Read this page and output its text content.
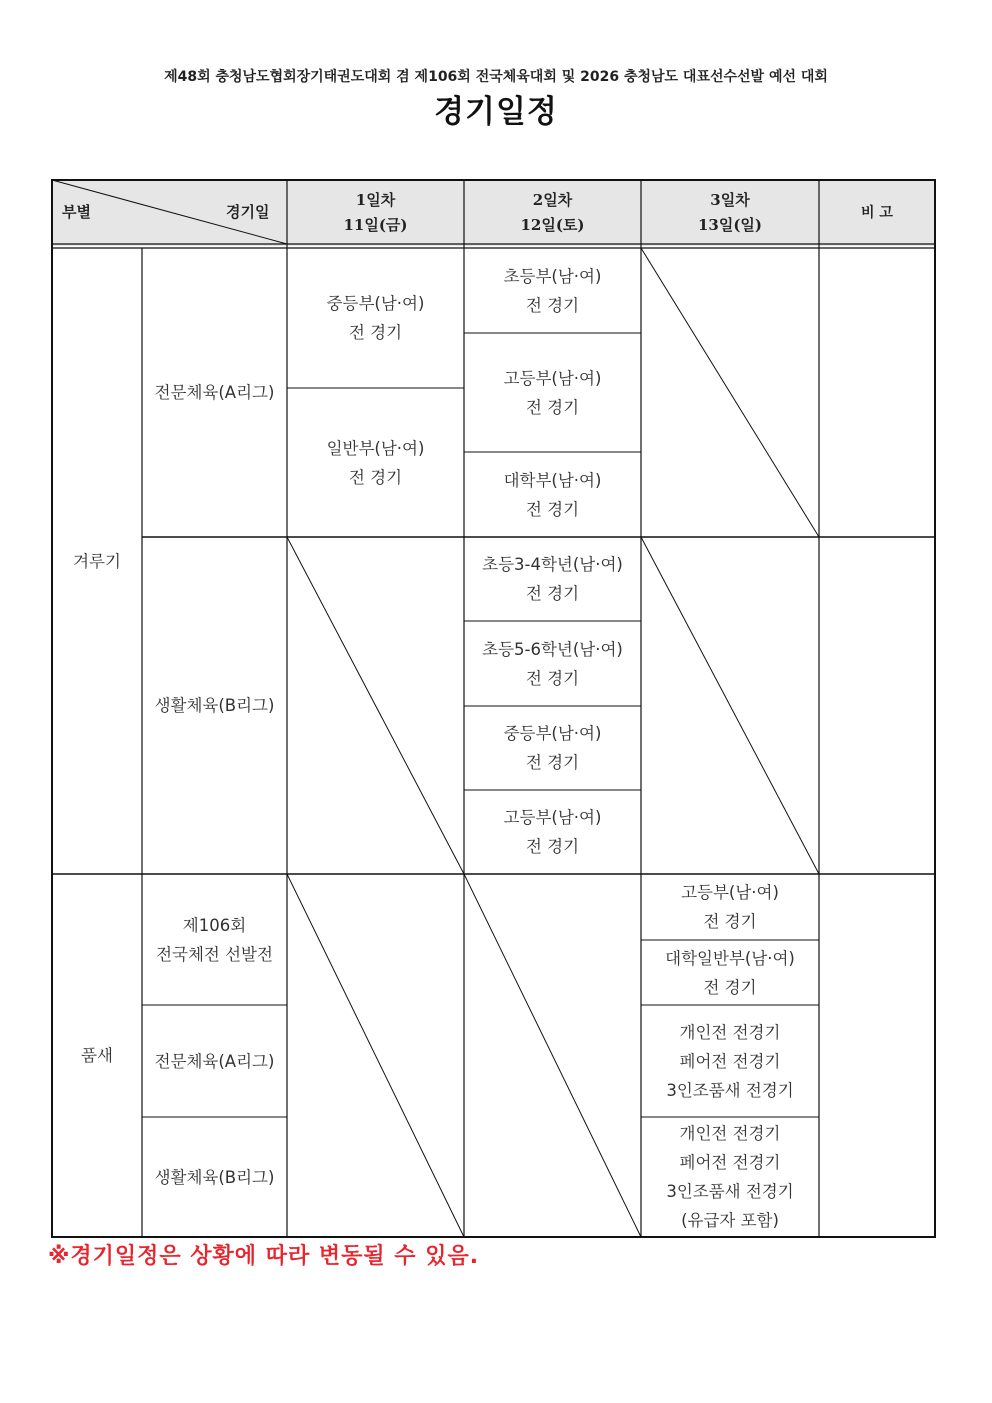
제48회 충청남도협회장기태권도대회 겸 제106회 전국체육대회 및 2026 충청남도 대표선수선발 예선 대회
경기일정
부별	경기일
1일차
11일(금)
2일차
12일(토)
3일차
13일(일)
비 고
겨루기
품새
전문체육(A리그)
생활체육(B리그)
제106회
전국체전 선발전
전문체육(A리그)
생활체육(B리그)
중등부(남·여)
전 경기
일반부(남·여)
전 경기
초등부(남·여)
전 경기
고등부(남·여)
전 경기
대학부(남·여)
전 경기
초등3-4학년(남·여)
전 경기
초등5-6학년(남·여)
전 경기
중등부(남·여)
전 경기
고등부(남·여)
전 경기
고등부(남·여)
전 경기
대학일반부(남·여)
전 경기
개인전 전경기
페어전 전경기
3인조품새 전경기
개인전 전경기
페어전 전경기
3인조품새 전경기
(유급자 포함)
※경기일정은 상황에 따라 변동될 수 있음.
